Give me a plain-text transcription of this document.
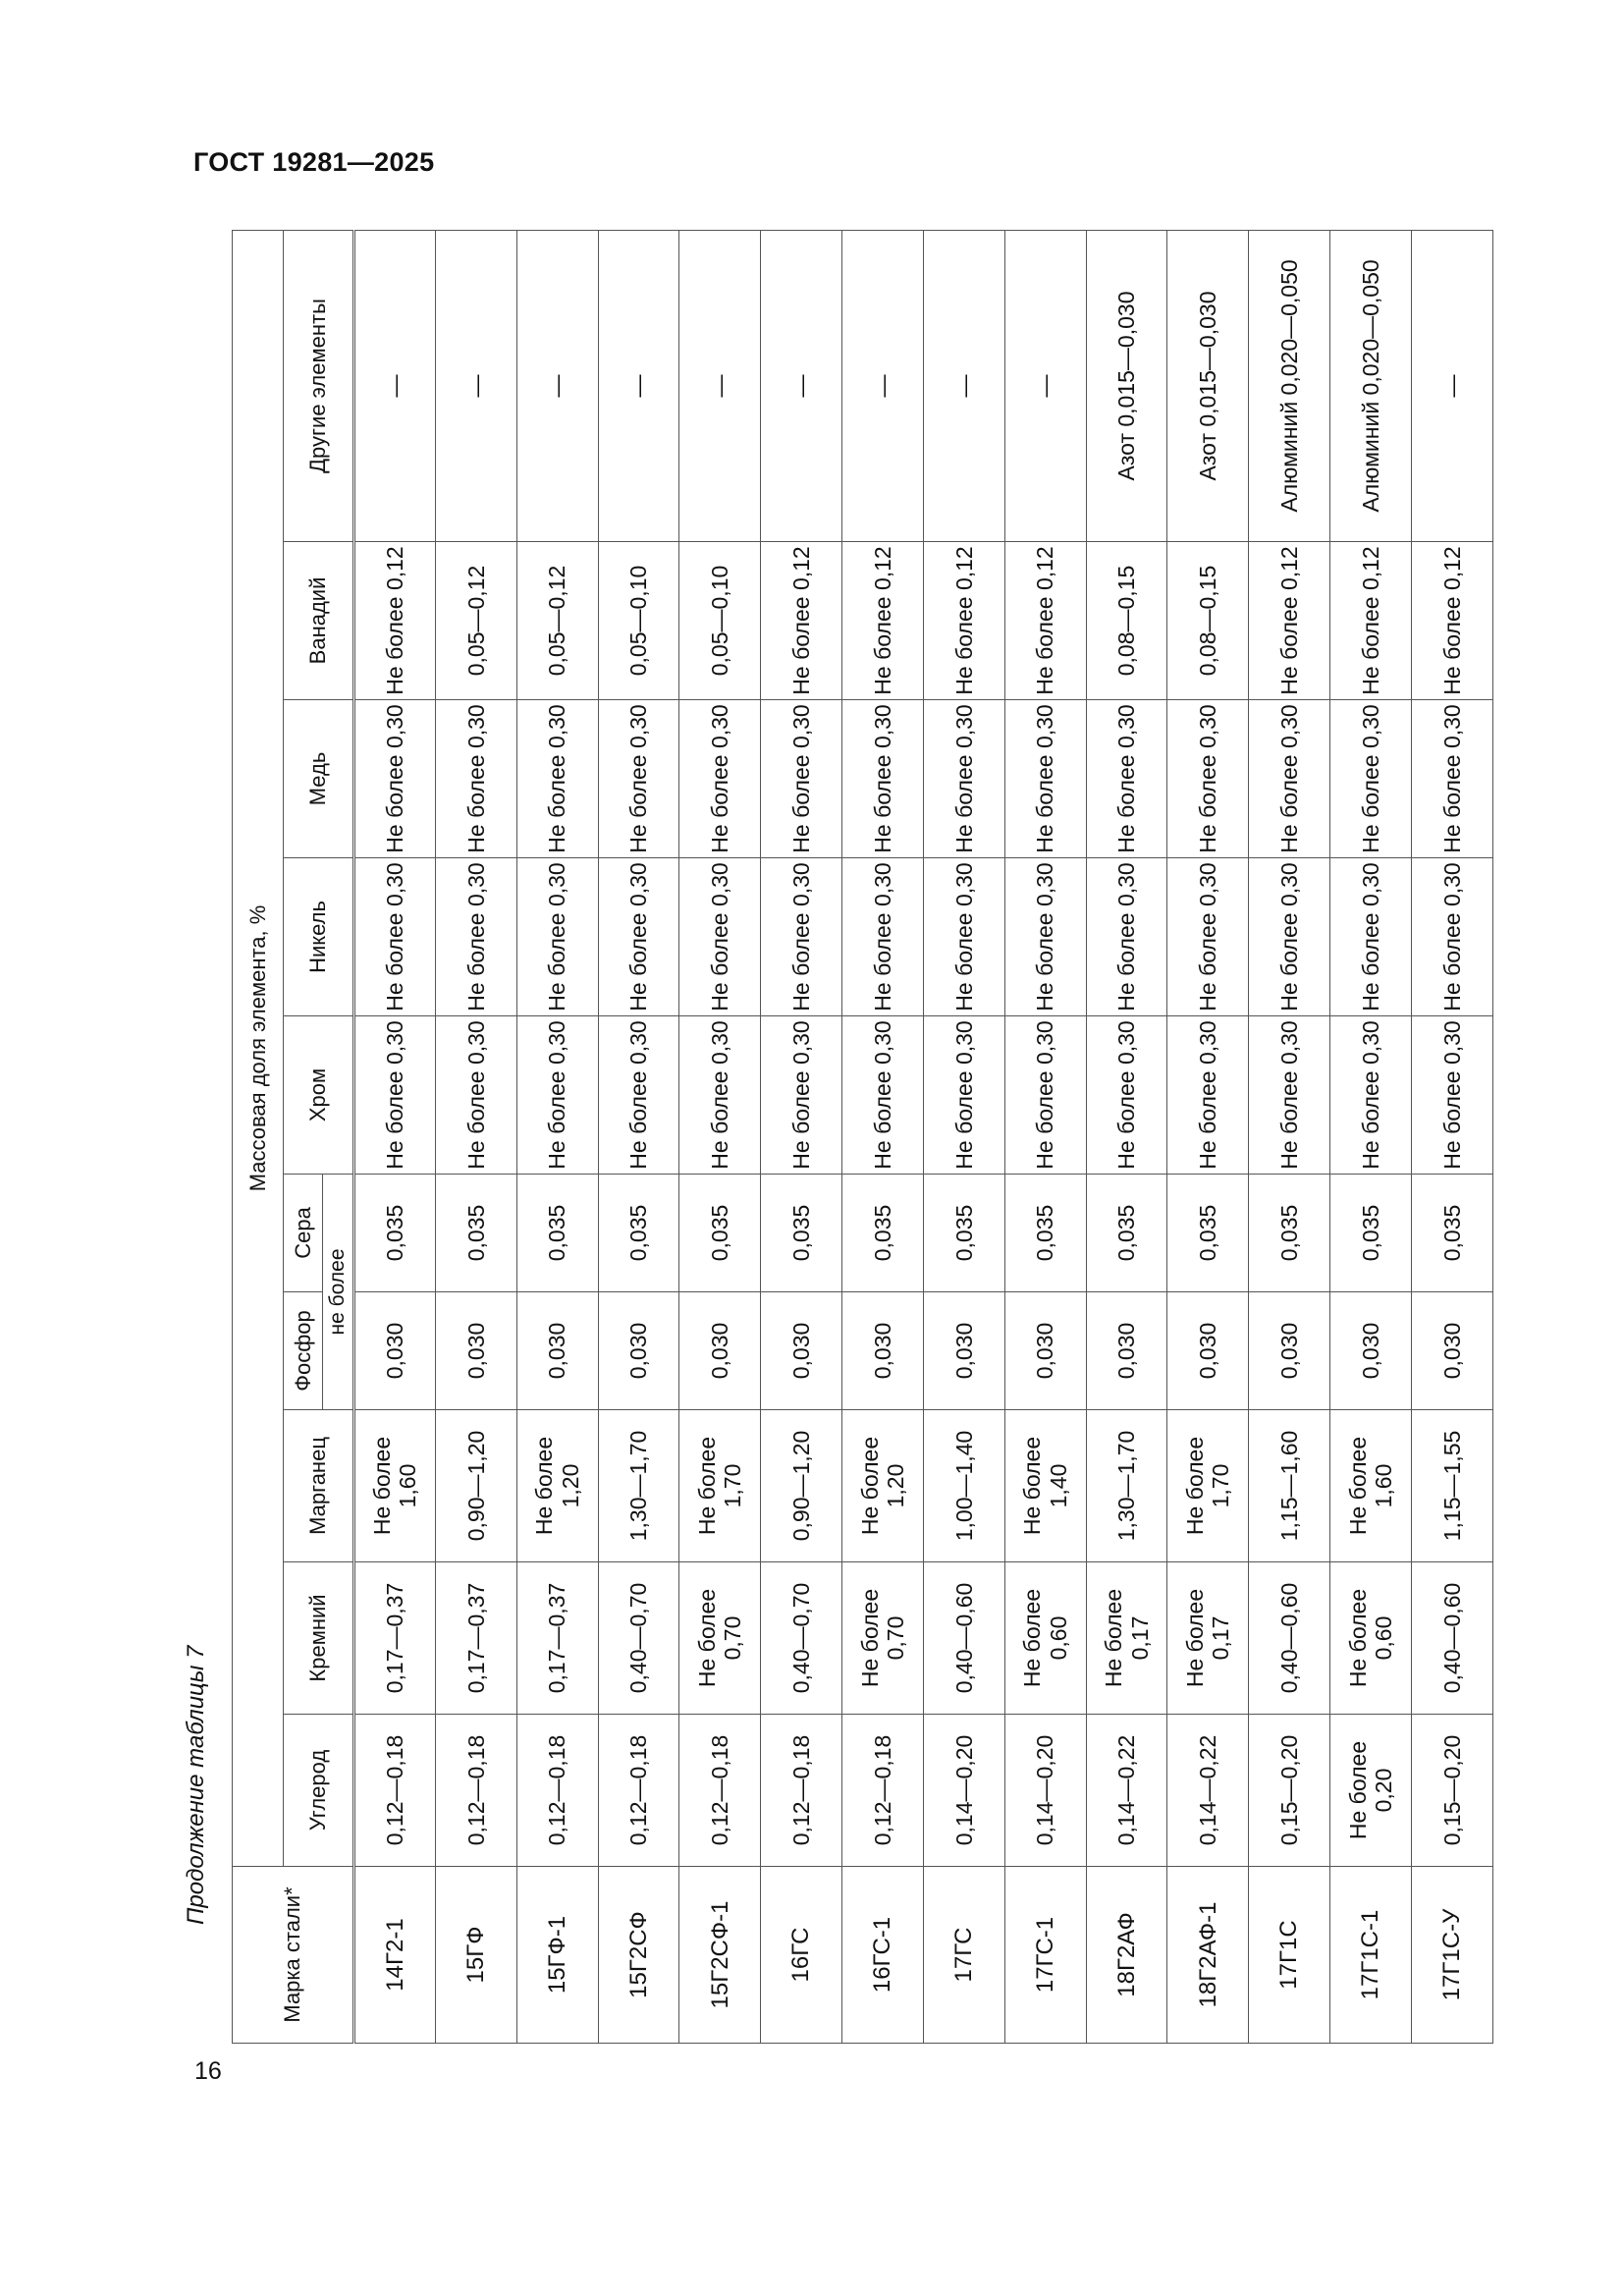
ГОСТ 19281—2025
Продолжение таблицы 7
16
Марка стали*	Массовая доля элемента, %									
	Углерод	Кремний	Марганец	Фосфор	Сера	Хром	Никель	Медь	Ванадий	Другие элементы
				не более						
14Г2-1	0,12—0,18	0,17—0,37	Не более 1,60	0,030	0,035	Не более 0,30	Не более 0,30	Не более 0,30	Не более 0,12	—
15ГФ	0,12—0,18	0,17—0,37	0,90—1,20	0,030	0,035	Не более 0,30	Не более 0,30	Не более 0,30	0,05—0,12	—
15ГФ-1	0,12—0,18	0,17—0,37	Не более 1,20	0,030	0,035	Не более 0,30	Не более 0,30	Не более 0,30	0,05—0,12	—
15Г2СФ	0,12—0,18	0,40—0,70	1,30—1,70	0,030	0,035	Не более 0,30	Не более 0,30	Не более 0,30	0,05—0,10	—
15Г2СФ-1	0,12—0,18	Не более 0,70	Не более 1,70	0,030	0,035	Не более 0,30	Не более 0,30	Не более 0,30	0,05—0,10	—
16ГС	0,12—0,18	0,40—0,70	0,90—1,20	0,030	0,035	Не более 0,30	Не более 0,30	Не более 0,30	Не более 0,12	—
16ГС-1	0,12—0,18	Не более 0,70	Не более 1,20	0,030	0,035	Не более 0,30	Не более 0,30	Не более 0,30	Не более 0,12	—
17ГС	0,14—0,20	0,40—0,60	1,00—1,40	0,030	0,035	Не более 0,30	Не более 0,30	Не более 0,30	Не более 0,12	—
17ГС-1	0,14—0,20	Не более 0,60	Не более 1,40	0,030	0,035	Не более 0,30	Не более 0,30	Не более 0,30	Не более 0,12	—
18Г2АФ	0,14—0,22	Не более 0,17	1,30—1,70	0,030	0,035	Не более 0,30	Не более 0,30	Не более 0,30	0,08—0,15	Азот 0,015—0,030
18Г2АФ-1	0,14—0,22	Не более 0,17	Не более 1,70	0,030	0,035	Не более 0,30	Не более 0,30	Не более 0,30	0,08—0,15	Азот 0,015—0,030
17Г1С	0,15—0,20	0,40—0,60	1,15—1,60	0,030	0,035	Не более 0,30	Не более 0,30	Не более 0,30	Не более 0,12	Алюминий 0,020—0,050
17Г1С-1	Не более 0,20	Не более 0,60	Не более 1,60	0,030	0,035	Не более 0,30	Не более 0,30	Не более 0,30	Не более 0,12	Алюминий 0,020—0,050
17Г1С-У	0,15—0,20	0,40—0,60	1,15—1,55	0,030	0,035	Не более 0,30	Не более 0,30	Не более 0,30	Не более 0,12	—
